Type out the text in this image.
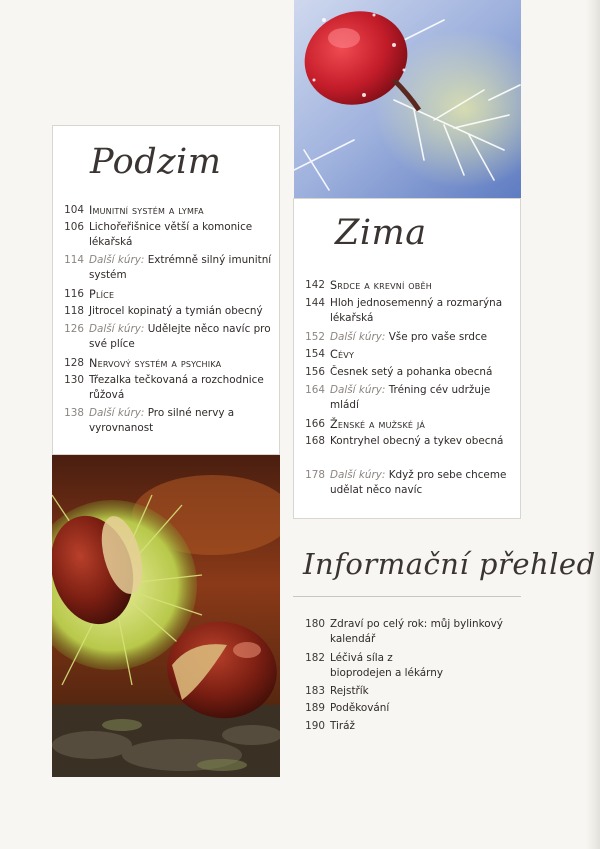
Podzim
104 Imunitní systém a lymfa
106 Lichořeřišnice větší a komonice lékařská
114 Další kúry: Extrémně silný imunitní systém
116 Plíce
118 Jitrocel kopinatý a tymián obecný
126 Další kúry: Udělejte něco navíc pro své plíce
128 Nervový systém a psychika
130 Třezalka tečkovaná a rozchodnice růžová
138 Další kúry: Pro silné nervy a vyrovnanost
Zima
142 Srdce a krevní oběh
144 Hloh jednosemenný a rozmarýna lékařská
152 Další kúry: Vše pro vaše srdce
154 Cévy
156 Česnek setý a pohanka obecná
164 Další kúry: Tréning cév udržuje mládí
166 Ženské a mužské já
168 Kontryhel obecný a tykev obecná
178 Další kúry: Když pro sebe chceme udělat něco navíc
Informační přehled
180 Zdraví po celý rok: můj bylinkový kalendář
182 Léčivá síla z bioprodejen a lékárny
183 Rejstřík
189 Poděkování
190 Tiráž
